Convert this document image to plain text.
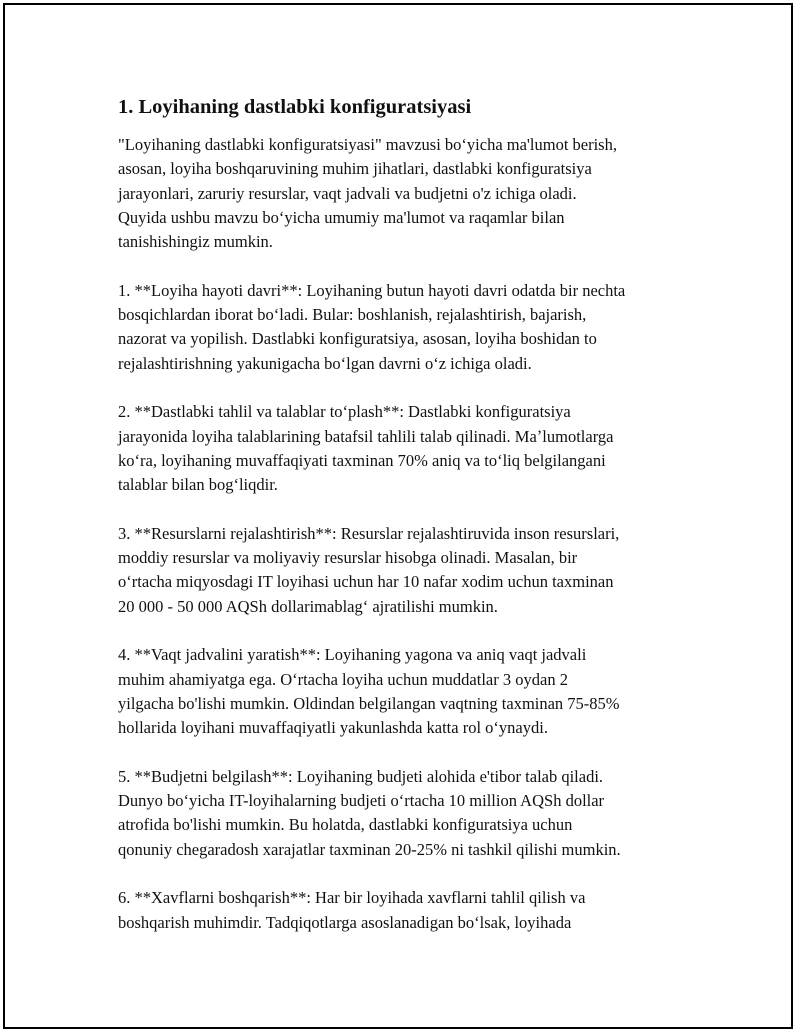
1. Loyihaning dastlabki konfiguratsiyasi

"Loyihaning dastlabki konfiguratsiyasi" mavzusi boʻyicha ma'lumot berish,
asosan, loyiha boshqaruvining muhim jihatlari, dastlabki konfiguratsiya
jarayonlari, zaruriy resurslar, vaqt jadvali va budjetni o'z ichiga oladi.
Quyida ushbu mavzu boʻyicha umumiy ma'lumot va raqamlar bilan
tanishishingiz mumkin.

1. **Loyiha hayoti davri**: Loyihaning butun hayoti davri odatda bir nechta
bosqichlardan iborat boʻladi. Bular: boshlanish, rejalashtirish, bajarish,
nazorat va yopilish. Dastlabki konfiguratsiya, asosan, loyiha boshidan to
rejalashtirishning yakunigacha boʻlgan davrni oʻz ichiga oladi.

2. **Dastlabki tahlil va talablar toʻplash**: Dastlabki konfiguratsiya
jarayonida loyiha talablarining batafsil tahlili talab qilinadi. Maʼlumotlarga
koʻra, loyihaning muvaffaqiyati taxminan 70% aniq va toʻliq belgilangani
talablar bilan bogʻliqdir.

3. **Resurslarni rejalashtirish**: Resurslar rejalashtiruvida inson resurslari,
moddiy resurslar va moliyaviy resurslar hisobga olinadi. Masalan, bir
oʻrtacha miqyosdagi IT loyihasi uchun har 10 nafar xodim uchun taxminan
20 000 - 50 000 AQSh dollarimablagʻ ajratilishi mumkin.

4. **Vaqt jadvalini yaratish**: Loyihaning yagona va aniq vaqt jadvali
muhim ahamiyatga ega. Oʻrtacha loyiha uchun muddatlar 3 oydan 2
yilgacha bo'lishi mumkin. Oldindan belgilangan vaqtning taxminan 75-85%
hollarida loyihani muvaffaqiyatli yakunlashda katta rol oʻynaydi.

5. **Budjetni belgilash**: Loyihaning budjeti alohida e'tibor talab qiladi.
Dunyo boʻyicha IT-loyihalarning budjeti oʻrtacha 10 million AQSh dollar
atrofida bo'lishi mumkin. Bu holatda, dastlabki konfiguratsiya uchun
qonuniy chegaradosh xarajatlar taxminan 20-25% ni tashkil qilishi mumkin.

6. **Xavflarni boshqarish**: Har bir loyihada xavflarni tahlil qilish va
boshqarish muhimdir. Tadqiqotlarga asoslanadigan boʻlsak, loyihada
